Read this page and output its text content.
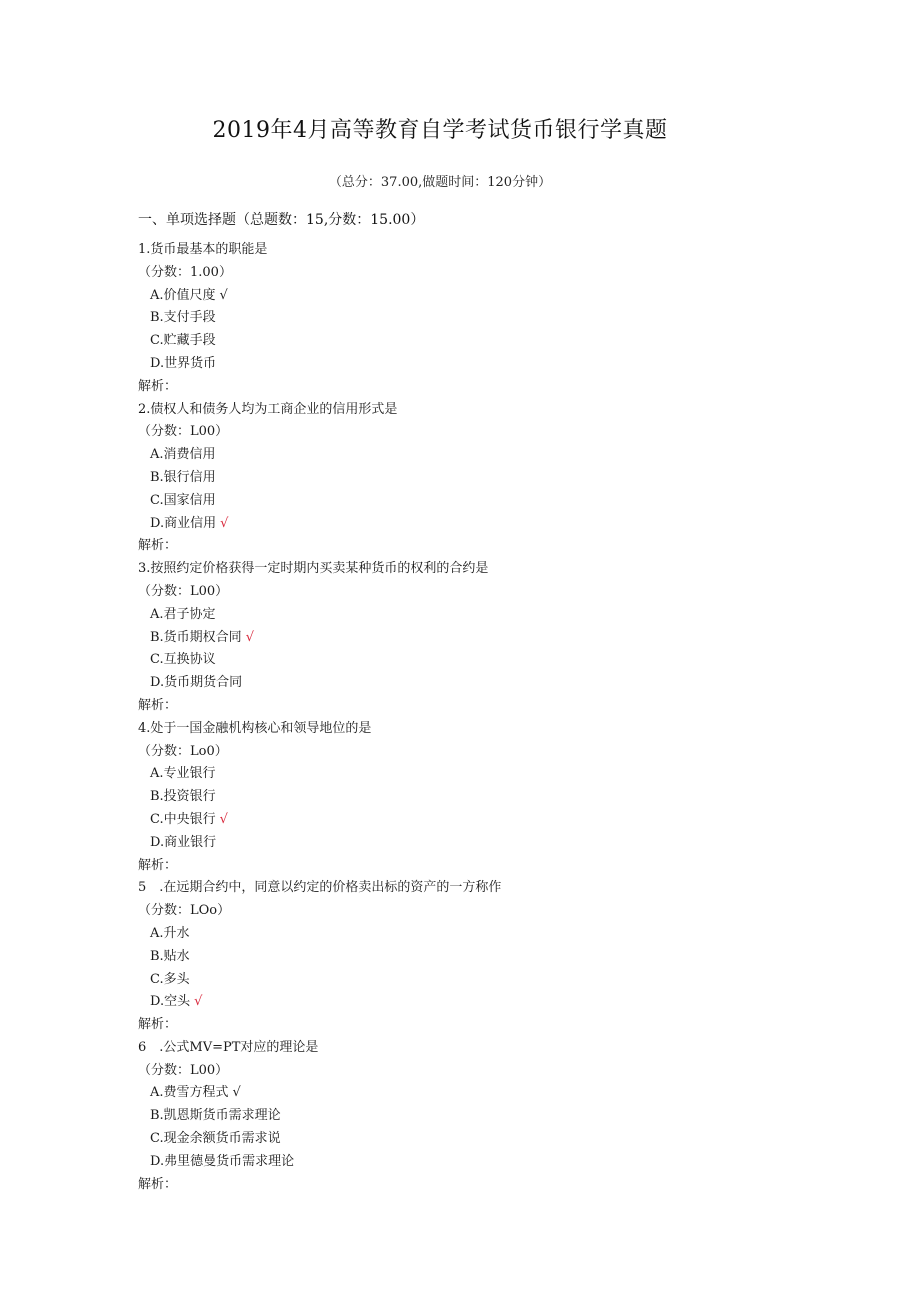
2019年4月高等教育自学考试货币银行学真题
（总分：37.00,做题时间：120分钟）
一、单项选择题（总题数：15,分数：15.00）
1.货币最基本的职能是
（分数：1.00）
A.价值尺度 √
B.支付手段
C.贮藏手段
D.世界货币
解析：
2.债权人和债务人均为工商企业的信用形式是
（分数：L00）
A.消费信用
B.银行信用
C.国家信用
D.商业信用 √
解析：
3.按照约定价格获得一定时期内买卖某种货币的权利的合约是
（分数：L00）
A.君子协定
B.货币期权合同 √
C.互换协议
D.货币期货合同
解析：
4.处于一国金融机构核心和领导地位的是
（分数：Lo0）
A.专业银行
B.投资银行
C.中央银行 √
D.商业银行
解析：
5　.在远期合约中，同意以约定的价格卖出标的资产的一方称作
（分数：LOo）
A.升水
B.贴水
C.多头
D.空头 √
解析：
6　.公式MV=PT对应的理论是
（分数：L00）
A.费雪方程式 √
B.凯恩斯货币需求理论
C.现金余额货币需求说
D.弗里德曼货币需求理论
解析：
